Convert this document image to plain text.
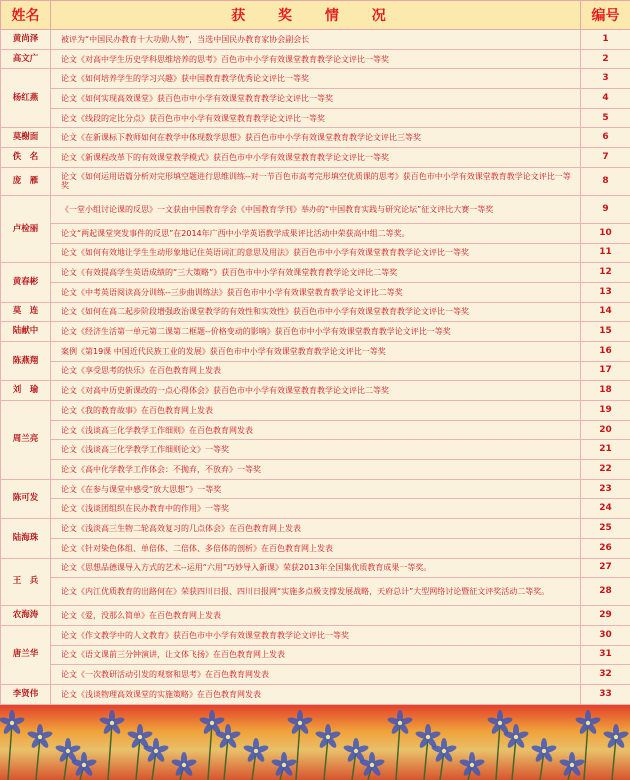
姓名	获 奖 情 况	编号
黄尚泽	被评为“中国民办教育十大功勋人物”，当选中国民办教育家协会副会长	1
高文广	论文《对高中学生历史学科思维培养的思考》百色市中小学有效课堂教育教学论文评比一等奖	2
杨红燕	论文《如何培养学生的学习兴趣》获中国教育教学优秀论文评比一等奖	3
	论文《如何实现高效课堂》获百色市中小学有效课堂教育教学论文评比一等奖	4
	论文《线段的定比分点》获百色市中小学有效课堂教育教学论文评比一等奖	5
莫榭面	论文《在新课标下教师如何在教学中体现数学思想》获百色市中小学有效课堂教育教学论文评比三等奖	6
佚　名	论文《新课程改革下的有效课堂教学模式》获百色市中小学有效课堂教育教学论文评比一等奖	7
庞　雁	论文《如何运用语篇分析对完形填空题进行思维训练--对一节百色市高考完形填空优质课的思考》获百色市中小学有效课堂教育教学论文评比一等奖	8
卢检丽	《一堂小组讨论课的反思》一文获由中国教育学会《中国教育学刊》举办的“中国教育实践与研究论坛”征文评比大赛一等奖	9
	论文“两起课堂突发事件的反思”在2014年广西中小学英语教学成果评比活动中荣获高中组二等奖。	10
	论文《如何有效地让学生生动形象地记住英语词汇的意思及用法》获百色市中小学有效课堂教育教学论文评比一等奖	11
黄春彬	论文《有效提高学生英语成绩的“三大策略”》获百色市中小学有效课堂教育教学论文评比二等奖	12
	论文《中考英语阅读高分训练--三步曲训练法》获百色市中小学有效课堂教育教学论文评比二等奖	13
莫　连	论文《如何在高二起步阶段增强政治课堂教学的有效性和实效性》获百色市中小学有效课堂教育教学论文评比一等奖	14
陆献中	论文《经济生活第一单元第二课第二框题--价格变动的影响》获百色市中小学有效课堂教育教学论文评比一等奖	15
陈燕翔	案例《第19课 中国近代民族工业的发展》获百色市中小学有效课堂教育教学论文评比一等奖	16
	论文《享受思考的快乐》在百色教育网上发表	17
刘　瑜	论文《对高中历史新课改的一点心得体会》获百色市中小学有效课堂教育教学论文评比二等奖	18
周兰亮	论文《我的教育故事》在百色教育网上发表	19
	论文《浅谈高三化学教学工作细则》在百色教育网发表	20
	论文《浅谈高三化学教学工作细则论文》一等奖	21
	论文《高中化学教学工作体会：不抛弃，不放弃》一等奖	22
陈可发	论文《在参与课堂中感受“放大思想”》一等奖	23
	论文《浅谈团组织在民办教育中的作用》一等奖	24
陆海珠	论文《浅淡高三生物二轮高效复习的几点体会》在百色教育网上发表	25
	论文《针对染色体组、单倍体、二倍体、多倍体的剖析》在百色教育网上发表	26
王　兵	论文《思想品德课导入方式的艺术--运用“六用”巧妙导入新课》荣获2013年全国集优质教育成果一等奖。	27
	论文《内江优质教育的出路何在》荣获四川日报、四川日报网“实施多点极支撑发展战略，天府总计”大型网络讨论暨征文评奖活动二等奖。	28
农海涛	论文《爱，没那么简单》在百色教育网上发表	29
唐兰华	论文《作文教学中的人文教育》获百色市中小学有效课堂教育教学论文评比一等奖	30
	论文《语文课前三分钟演讲，让文体飞扬》在百色教育网上发表	31
	论文《一次教研活动引发的观察和思考》在百色教育网发表	32
李贤伟	论文《浅谈物理高效课堂的实施策略》在百色教育网发表	33
